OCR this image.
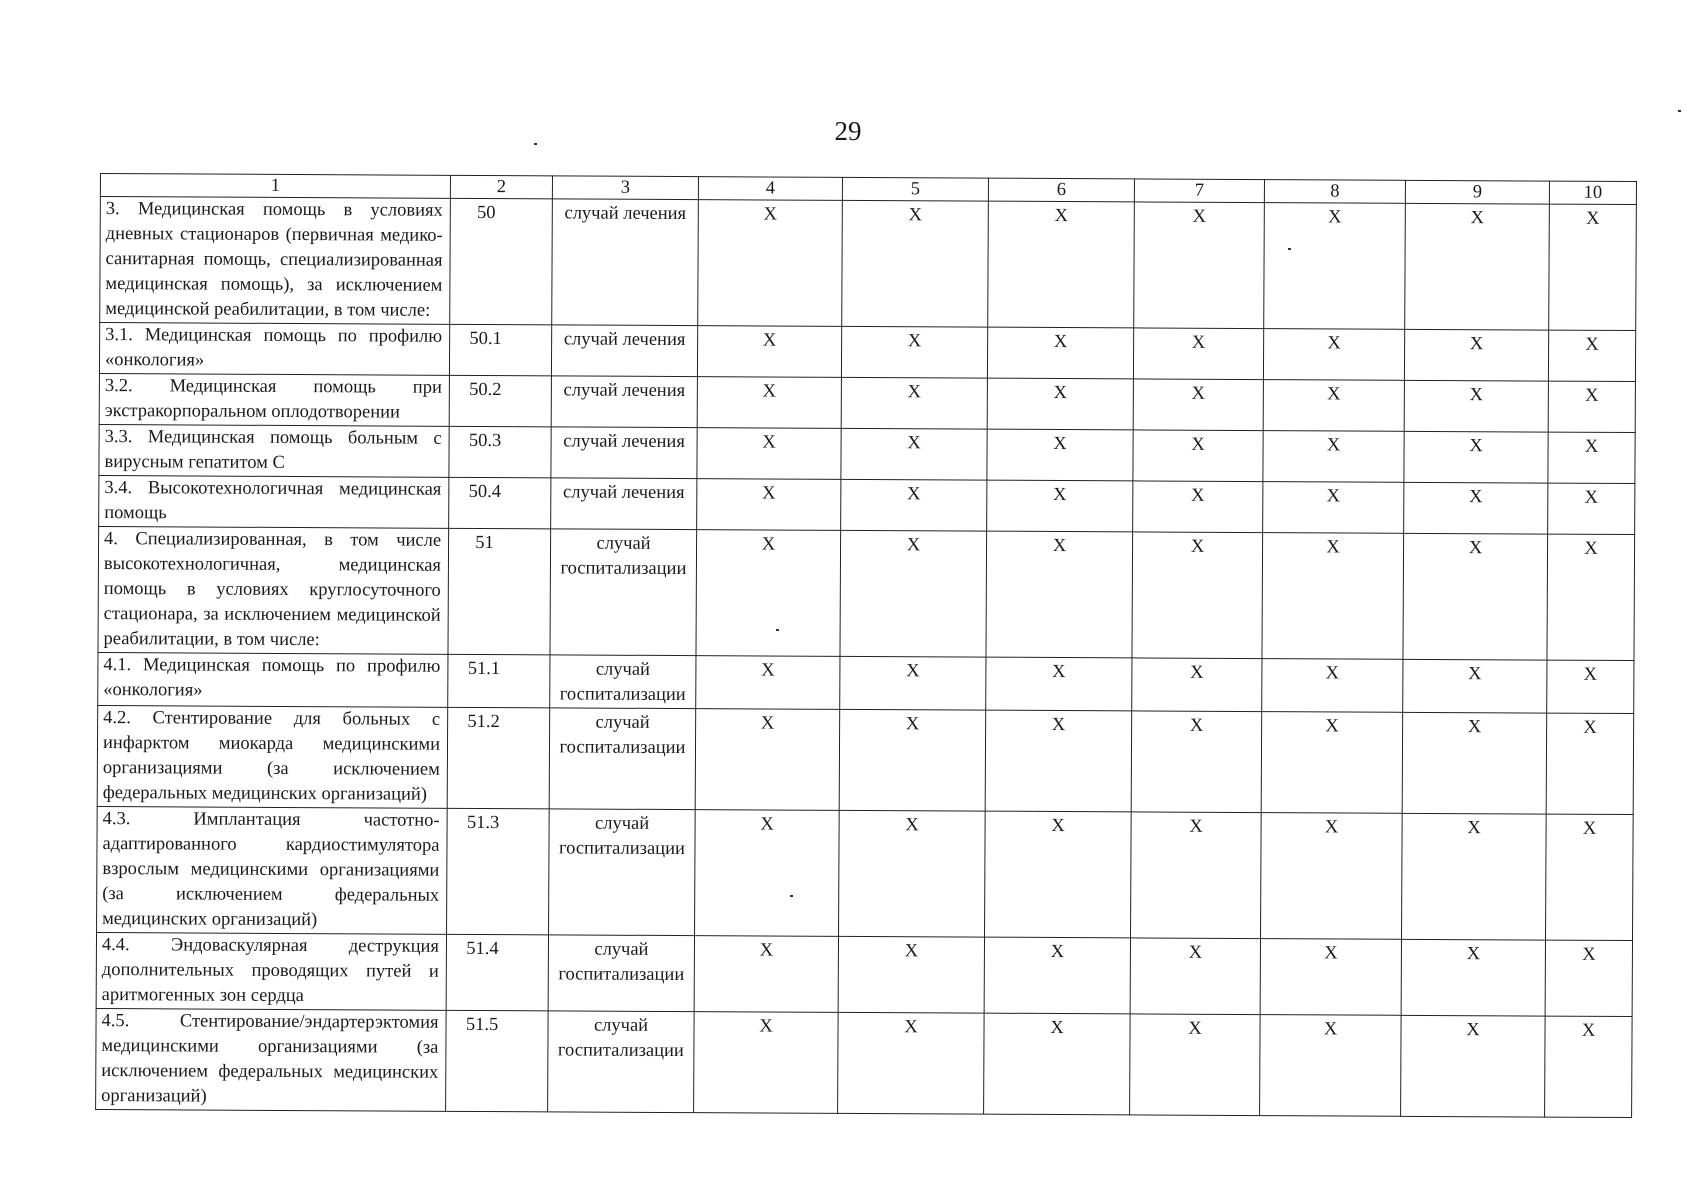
29
1	2	3	4	5	6	7	8	9	10
3. Медицинская помощь в условиях дневных стационаров (первичная медико-санитарная помощь, специализированная медицинская помощь), за исключением медицинской реабилитации, в том числе:	50	случай лечения	X	X	X	X	X	X	X
3.1. Медицинская помощь по профилю «онкология»	50.1	случай лечения	X	X	X	X	X	X	X
3.2. Медицинская помощь при экстракорпоральном оплодотворении	50.2	случай лечения	X	X	X	X	X	X	X
3.3. Медицинская помощь больным с вирусным гепатитом С	50.3	случай лечения	X	X	X	X	X	X	X
3.4. Высокотехнологичная медицинская помощь	50.4	случай лечения	X	X	X	X	X	X	X
4. Специализированная, в том числе высокотехнологичная, медицинская помощь в условиях круглосуточного стационара, за исключением медицинской реабилитации, в том числе:	51	случай госпитализации	X	X	X	X	X	X	X
4.1. Медицинская помощь по профилю «онкология»	51.1	случай госпитализации	X	X	X	X	X	X	X
4.2. Стентирование для больных с инфарктом миокарда медицинскими организациями (за исключением федеральных медицинских организаций)	51.2	случай госпитализации	X	X	X	X	X	X	X
4.3. Имплантация частотно-адаптированного кардиостимулятора взрослым медицинскими организациями (за исключением федеральных медицинских организаций)	51.3	случай госпитализации	X	X	X	X	X	X	X
4.4. Эндоваскулярная деструкция дополнительных проводящих путей и аритмогенных зон сердца	51.4	случай госпитализации	X	X	X	X	X	X	X
4.5. Стентирование/эндартерэктомия медицинскими организациями (за исключением федеральных медицинских организаций)	51.5	случай госпитализации	X	X	X	X	X	X	X
